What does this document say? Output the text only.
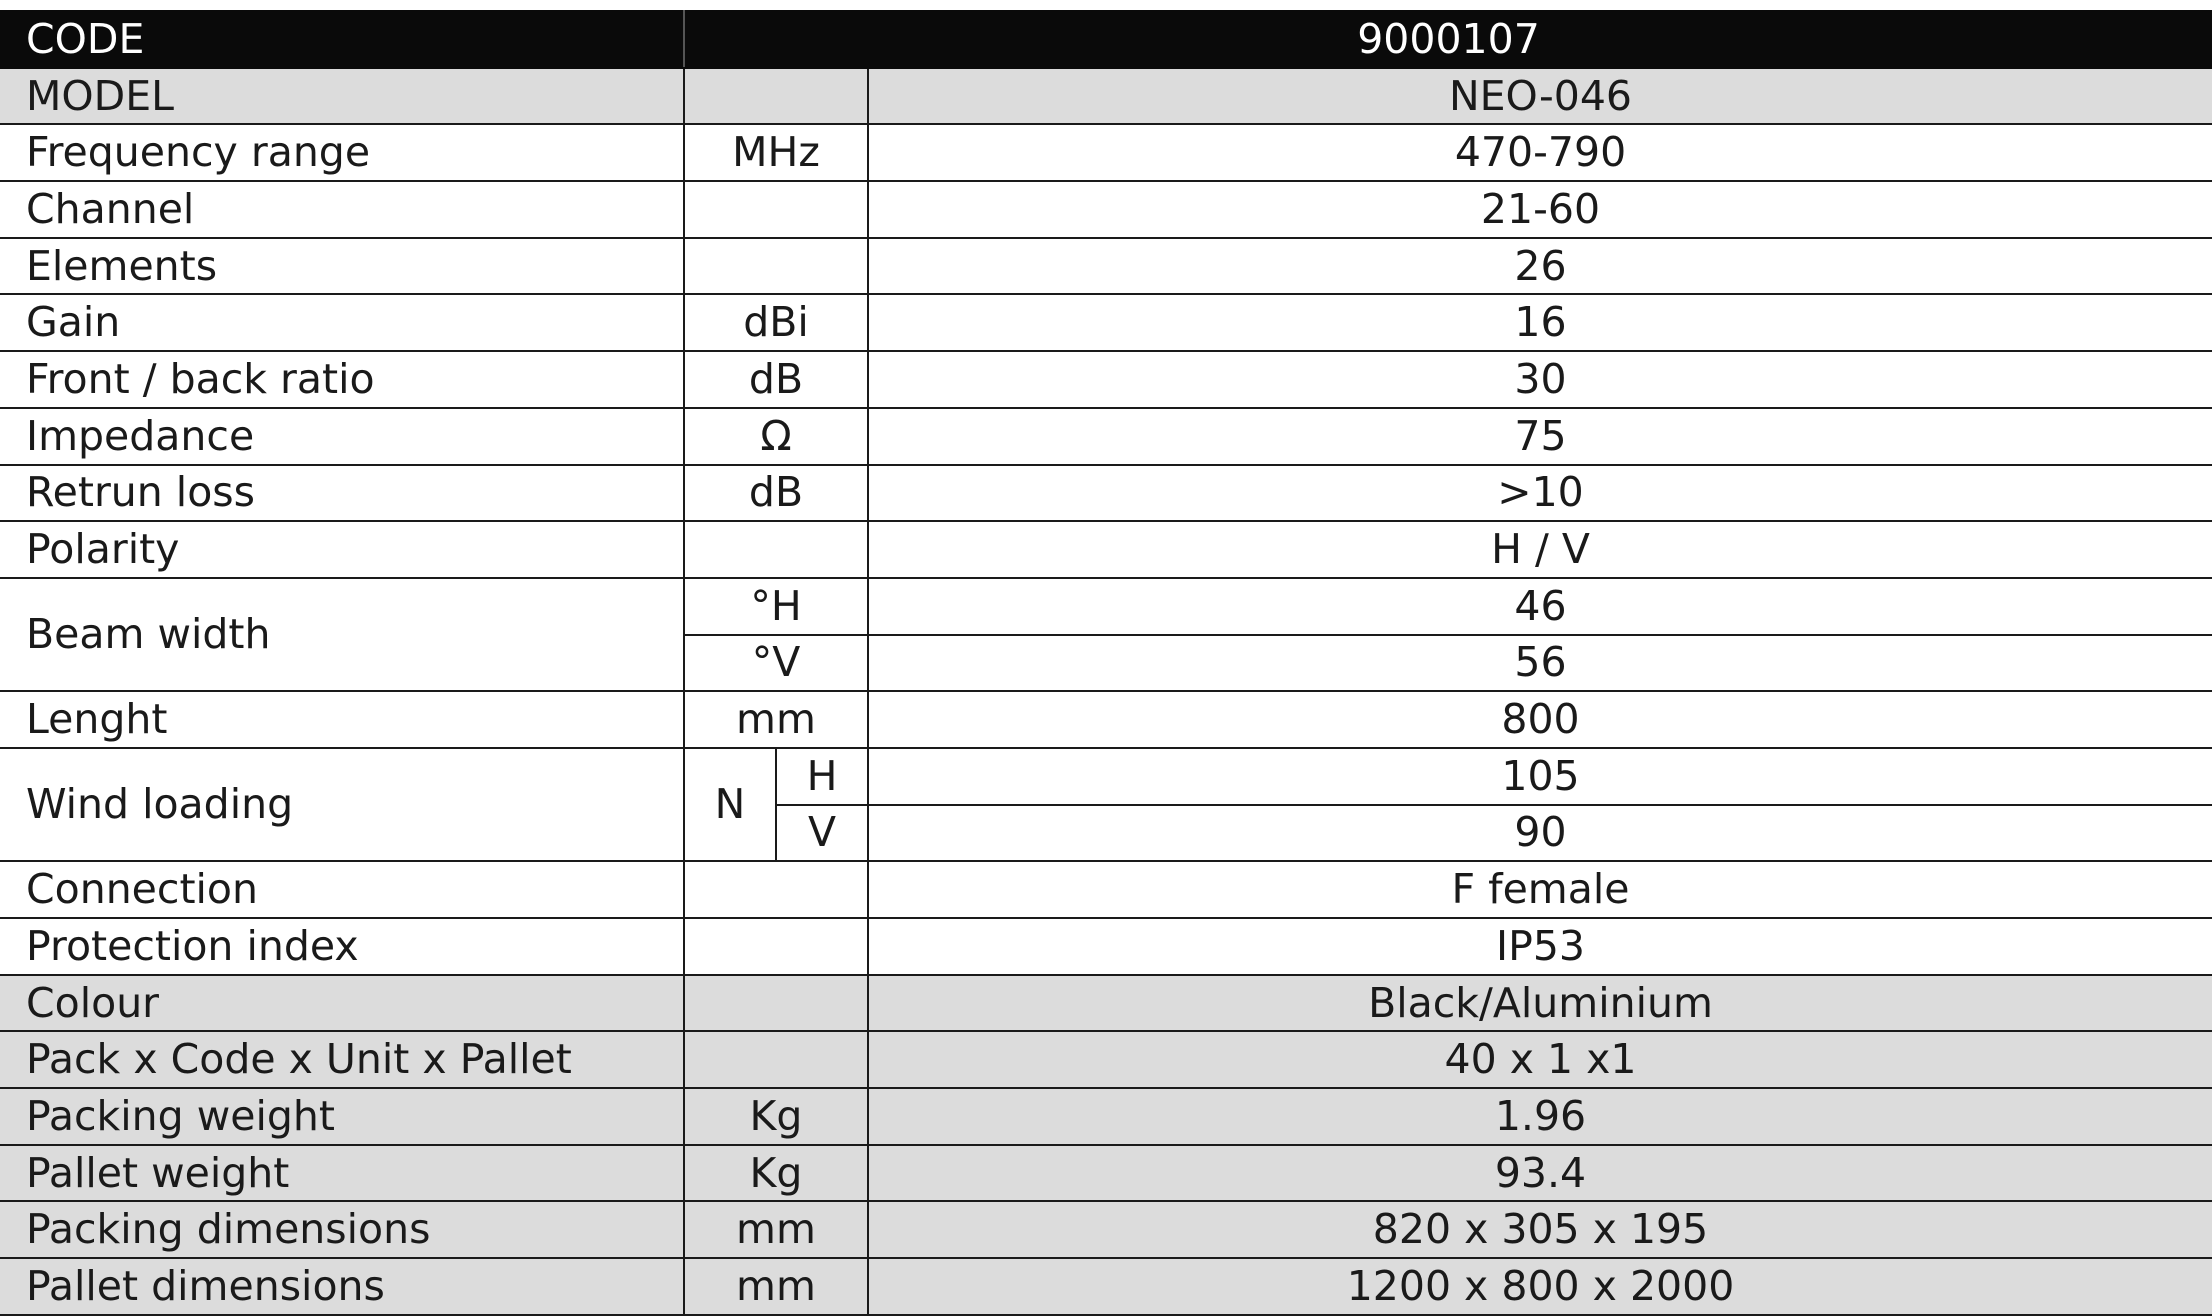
CODE	9000107		
MODEL			NEO-046
Frequency range	MHz		470-790
Channel			21-60
Elements			26
Gain	dBi		16
Front / back ratio	dB		30
Impedance	Ω		75
Retrun loss	dB		>10
Polarity			H / V
Beam width	°H		46
	°V		56
Lenght	mm		800
Wind loading	N	H	105
		V	90
Connection			F female
Protection index			IP53
Colour			Black/Aluminium
Pack x Code x Unit x Pallet			40 x 1 x1
Packing weight	Kg		1.96
Pallet weight	Kg		93.4
Packing dimensions	mm		820 x 305 x 195
Pallet dimensions	mm		1200 x 800 x 2000
